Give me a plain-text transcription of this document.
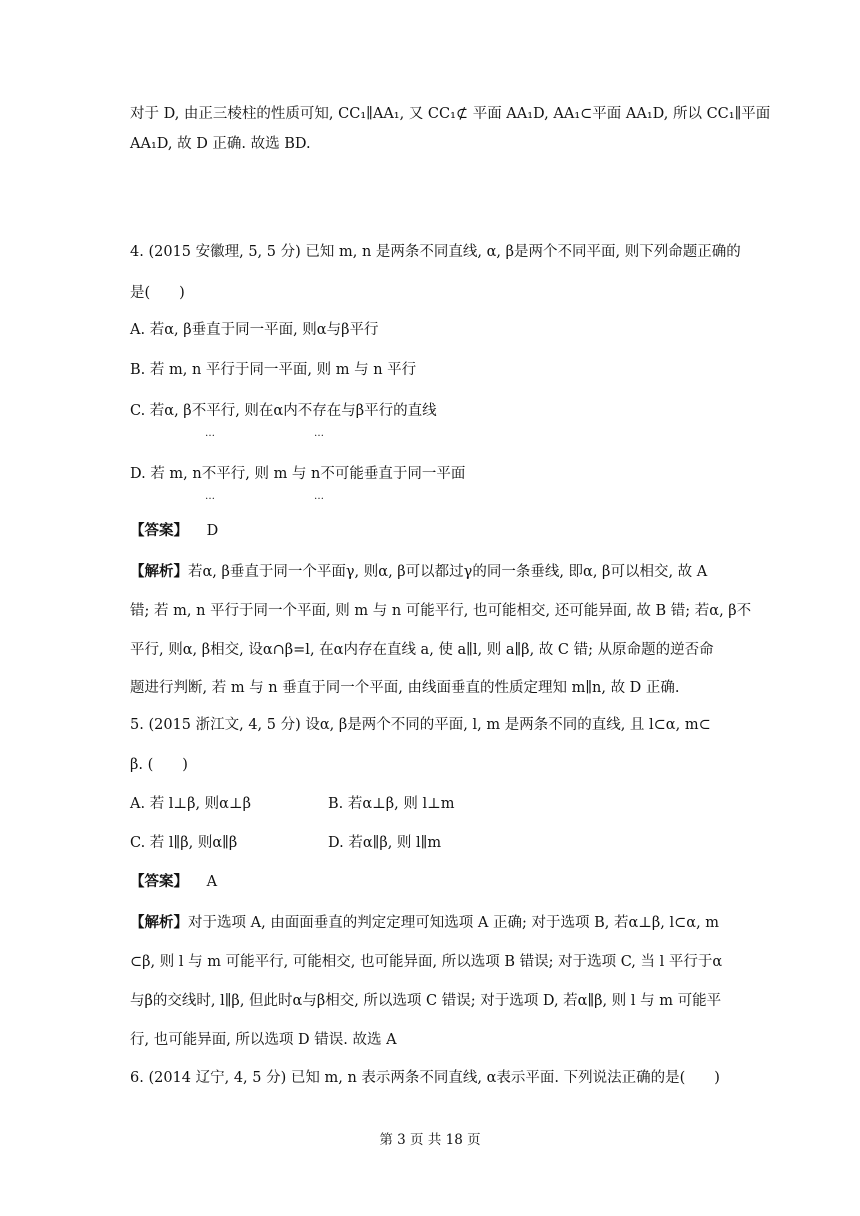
对于 D, 由正三棱柱的性质可知, CC₁∥AA₁, 又 CC₁⊄ 平面 AA₁D, AA₁⊂平面 AA₁D, 所以 CC₁∥平面
AA₁D, 故 D 正确. 故选 BD.
4. (2015 安徽理, 5, 5 分) 已知 m, n 是两条不同直线, α, β是两个不同平面, 则下列命题正确的
是(　　)
A. 若α, β垂直于同一平面, 则α与β平行
B. 若 m, n 平行于同一平面, 则 m 与 n 平行
C. 若α, β不平行, 则在α内不存在与β平行的直线
…	…
D. 若 m, n不平行, 则 m 与 n不可能垂直于同一平面
…	…
【答案】 D
【解析】若α, β垂直于同一个平面γ, 则α, β可以都过γ的同一条垂线, 即α, β可以相交, 故 A
错; 若 m, n 平行于同一个平面, 则 m 与 n 可能平行, 也可能相交, 还可能异面, 故 B 错; 若α, β不
平行, 则α, β相交, 设α∩β=l, 在α内存在直线 a, 使 a∥l, 则 a∥β, 故 C 错; 从原命题的逆否命
题进行判断, 若 m 与 n 垂直于同一个平面, 由线面垂直的性质定理知 m∥n, 故 D 正确.
5. (2015 浙江文, 4, 5 分) 设α, β是两个不同的平面, l, m 是两条不同的直线, 且 l⊂α, m⊂
β. (　　)
A. 若 l⊥β, 则α⊥β	B. 若α⊥β, 则 l⊥m
C. 若 l∥β, 则α∥β	D. 若α∥β, 则 l∥m
【答案】 A
【解析】对于选项 A, 由面面垂直的判定定理可知选项 A 正确; 对于选项 B, 若α⊥β, l⊂α, m
⊂β, 则 l 与 m 可能平行, 可能相交, 也可能异面, 所以选项 B 错误; 对于选项 C, 当 l 平行于α
与β的交线时, l∥β, 但此时α与β相交, 所以选项 C 错误; 对于选项 D, 若α∥β, 则 l 与 m 可能平
行, 也可能异面, 所以选项 D 错误. 故选 A
6. (2014 辽宁, 4, 5 分) 已知 m, n 表示两条不同直线, α表示平面. 下列说法正确的是(　　)
第 3 页 共 18 页
